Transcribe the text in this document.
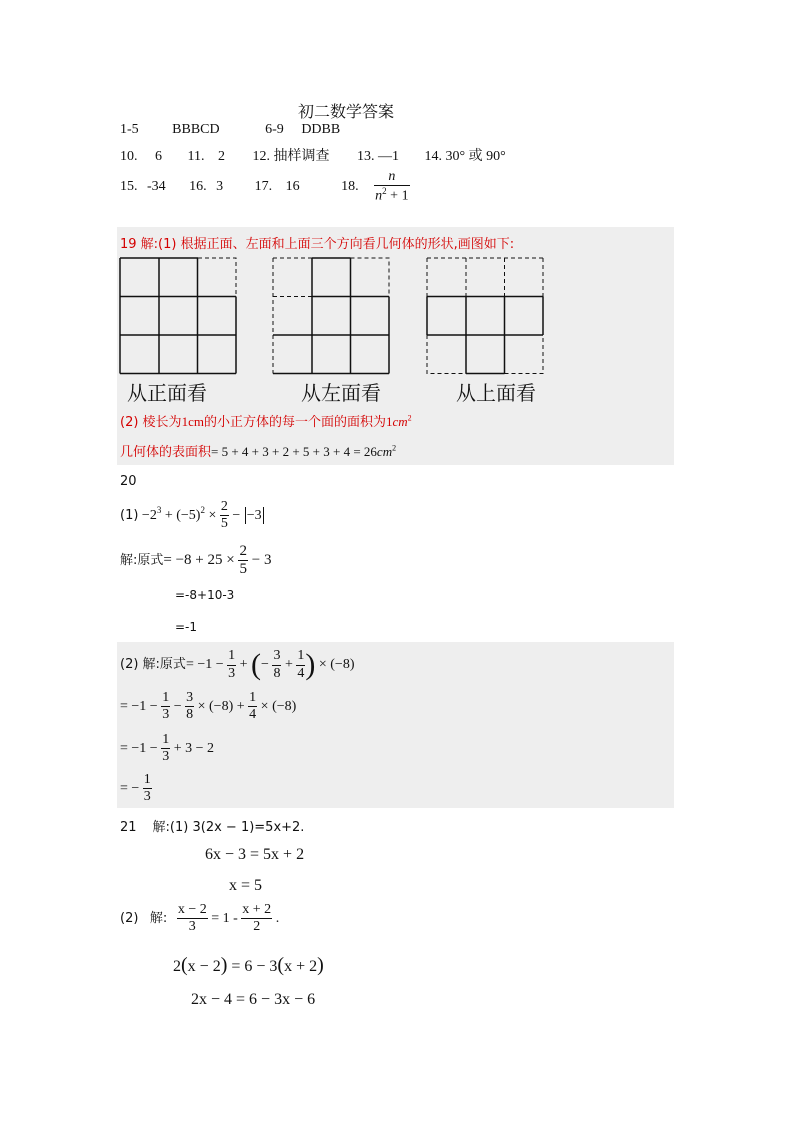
初二数学答案
1-5 BBBCD	6-9 DDBB
10. 6 11. 2 12. 抽样调查 13. —1 14. 30° 或 90°
15. -34 16. 3 17. 16	18. $\frac{n}{n^2 + 1}$
19 解:(1) 根据正面、左面和上面三个方向看几何体的形状,画图如下:
从正面看	从左面看	从上面看
(2) 棱长为1cm的小正方体的每一个面的面积为$1cm^2$
几何体的表面积= $5 + 4 + 3 + 2 + 5 + 3 + 4 = 26cm^2$
20
$(1) -2^3 + (-5)^2 \times \frac{2}{5} - -3$
解:原式= $-8 + 25 \times \frac{2}{5} - 3$
=-8+10-3
=-1
(2) 解:原式= $-1 - \frac{1}{3}$ + (− $\frac{3}{8} + \frac{1}{4}$ ) × (−8)
= $-1 - \frac{1}{3} - \frac{3}{8} \times (-8) + \frac{1}{4} \times (-8)$
= $-1 - \frac{1}{3} + 3 - 2$
= − $\frac{1}{3}$
21 解:(1) 3(2x − 1)=5x+2.
6x − 3 = 5x + 2
x = 5
(2) 解: $\frac{x - 2}{3} = 1 - \frac{x + 2}{2}$ .
2(x − 2) = 6 − 3(x + 2)
2x − 4 = 6 − 3x − 6
